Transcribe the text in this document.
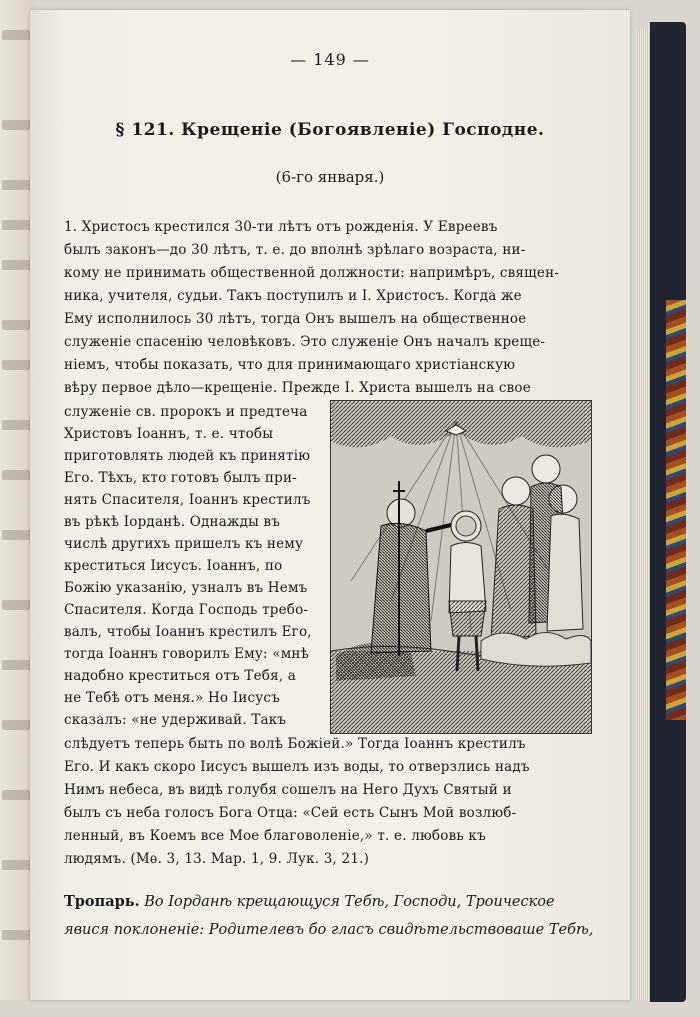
— 149 —
§ 121. Крещеніе (Богоявленіе) Господне.
(6-го января.)
1. Христосъ крестился 30-ти лѣтъ отъ рожденія. У Евреевъ
былъ законъ—до 30 лѣтъ, т. е. до вполнѣ зрѣлаго возраста, ни-
кому не принимать общественной должности: напримѣръ, священ-
ника, учителя, судьи. Такъ поступилъ и І. Христосъ. Когда же
Ему исполнилось 30 лѣтъ, тогда Онъ вышелъ на общественное
служеніе спасенію человѣковъ. Это служеніе Онъ началъ креще-
ніемъ, чтобы показать, что для принимающаго христіанскую
вѣру первое дѣло—крещеніе. Прежде І. Христа вышелъ на свое
служеніе св. пророкъ и предтеча
Христовъ Іоаннъ, т. е. чтобы
приготовлять людей къ принятію
Его. Тѣхъ, кто готовъ былъ при-
нять Спасителя, Іоаннъ крестилъ
въ рѣкѣ Іорданѣ. Однажды въ
числѣ другихъ пришелъ къ нему
креститься Іисусъ. Іоаннъ, по
Божію указанію, узналъ въ Немъ
Спасителя. Когда Господь требо-
валъ, чтобы Іоаннъ крестилъ Его,
тогда Іоаннъ говорилъ Ему: «мнѣ
надобно креститься отъ Тебя, а
не Тебѣ отъ меня.» Но Іисусъ
сказалъ: «не удерживай. Такъ
слѣдуетъ теперь быть по волѣ Божіей.» Тогда Іоаннъ крестилъ
Его. И какъ скоро Іисусъ вышелъ изъ воды, то отверзлись надъ
Нимъ небеса, въ видѣ голубя сошелъ на Него Духъ Святый и
былъ съ неба голосъ Бога Отца: «Сей есть Сынъ Мой возлюб-
ленный, въ Коемъ все Мое благоволеніе,» т. е. любовь къ
людямъ. (Мѳ. 3, 13. Мар. 1, 9. Лук. 3, 21.)
Тропарь. Во Іорданѣ крещающуся Тебѣ, Господи, Троическое
явися поклоненіе: Родителевъ бо гласъ свидѣтельствоваше Тебѣ,
